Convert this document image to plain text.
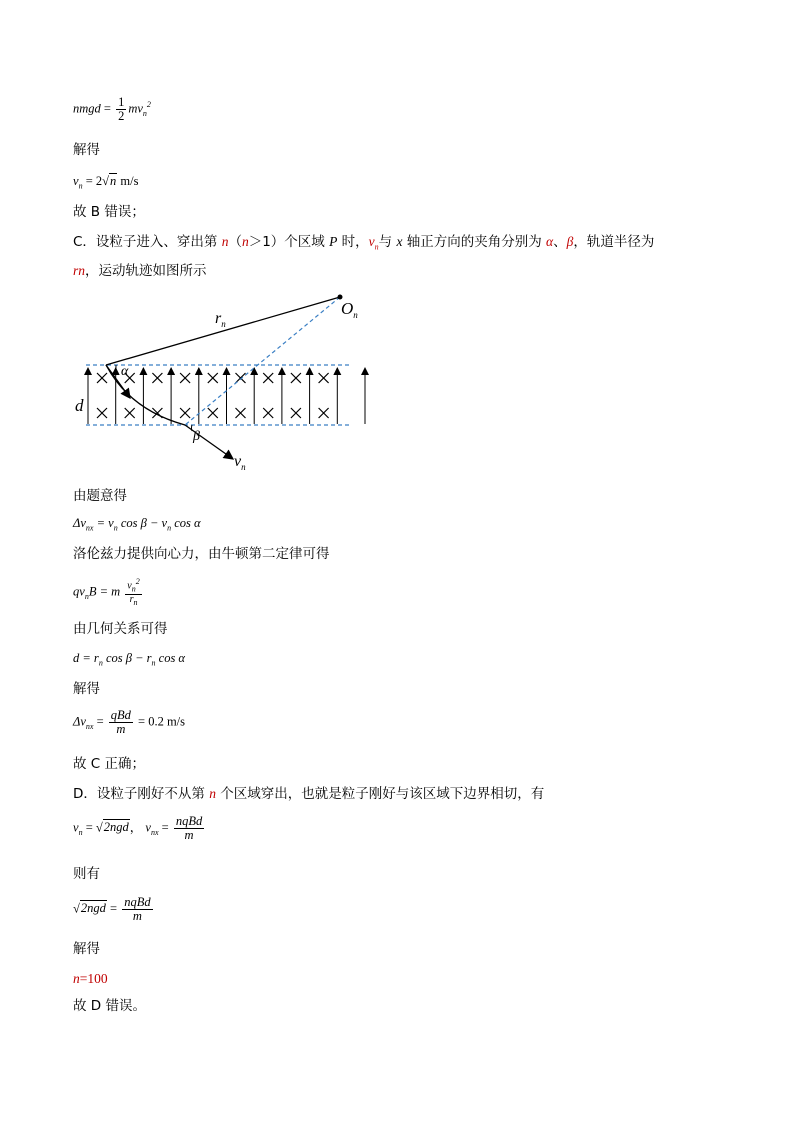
nmgd = $\frac{1}{2} mv_n^2$
解得
$v_n = 2√n$ m/s
故 B 错误；
C．设粒子进入、穿出第 n（n＞1）个区域 P 时，$v_n$与 x 轴正方向的夹角分别为 α、β，轨道半径为
rn，运动轨迹如图所示
$r_n$
$O_n$
d
α
β
$v_n$
由题意得
$\Delta v_{nx} = v_n$ $\cos \beta - v_n$ cos α
洛伦兹力提供向心力，由牛顿第二定律可得
$qv_nB = m \frac{v_n^2}{r_n}$
由几何关系可得
$d = r_n$ $\cos \beta - r_n$ cos α
解得
$\Delta v_{nx} = \frac{\text{qBd}}{m} = 0.2$ m/s
故 C 正确；
D．设粒子刚好不从第 n 个区域穿出，也就是粒子刚好与该区域下边界相切，有
$v_n = √2ngd$， $v_{nx} = \frac{\text{nqBd}}{m}$
则有
$√2ngd = \frac{\text{nqBd}}{m}$
解得
n=100
故 D 错误。
